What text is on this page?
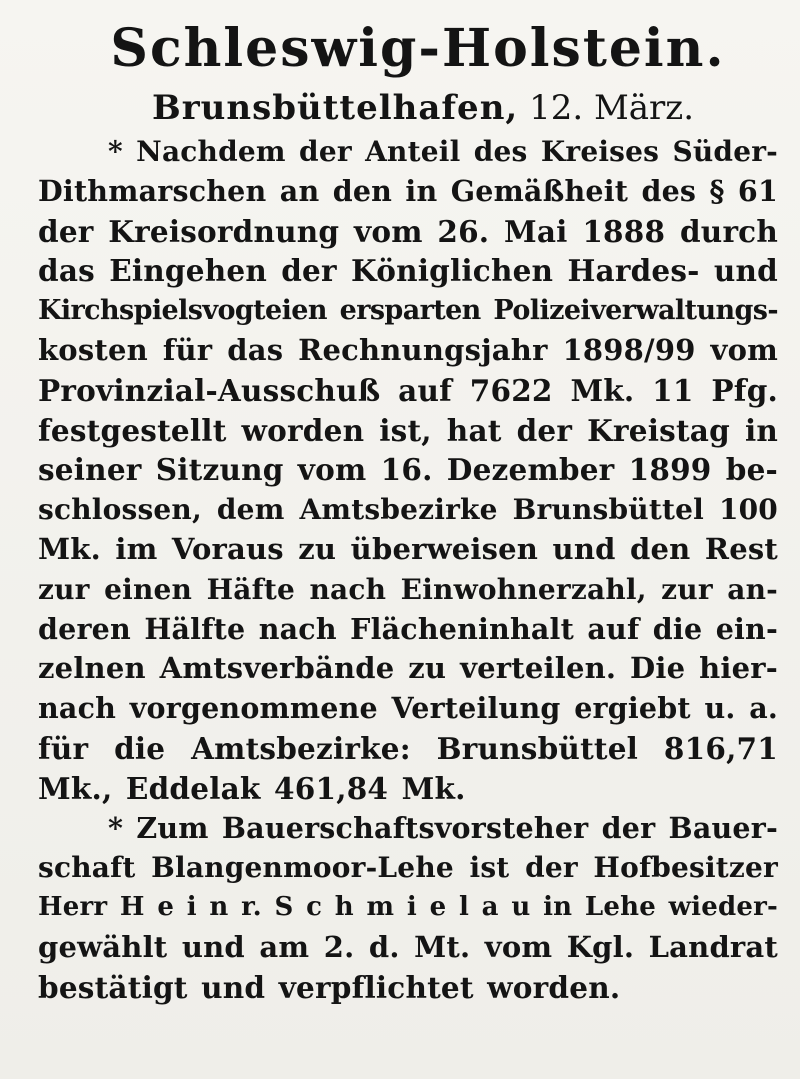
Schleswig-Holstein.
Brunsbüttelhafen, 12. März.
* Nachdem der Anteil des Kreises Süder-
Dithmarschen an den in Gemäßheit des § 61
der Kreisordnung vom 26. Mai 1888 durch
das Eingehen der Königlichen Hardes- und
Kirchspielsvogteien ersparten Polizeiverwaltungs-
kosten für das Rechnungsjahr 1898/99 vom
Provinzial-Ausschuß auf 7622 Mk. 11 Pfg.
festgestellt worden ist, hat der Kreistag in
seiner Sitzung vom 16. Dezember 1899 be-
schlossen, dem Amtsbezirke Brunsbüttel 100
Mk. im Voraus zu überweisen und den Rest
zur einen Häfte nach Einwohnerzahl, zur an-
deren Hälfte nach Flächeninhalt auf die ein-
zelnen Amtsverbände zu verteilen. Die hier-
nach vorgenommene Verteilung ergiebt u. a.
für die Amtsbezirke: Brunsbüttel 816,71
Mk., Eddelak 461,84 Mk.
* Zum Bauerschaftsvorsteher der Bauer-
schaft Blangenmoor-Lehe ist der Hofbesitzer
Herr H e i n r. S c h m i e l a u in Lehe wieder-
gewählt und am 2. d. Mt. vom Kgl. Landrat
bestätigt und verpflichtet worden.
